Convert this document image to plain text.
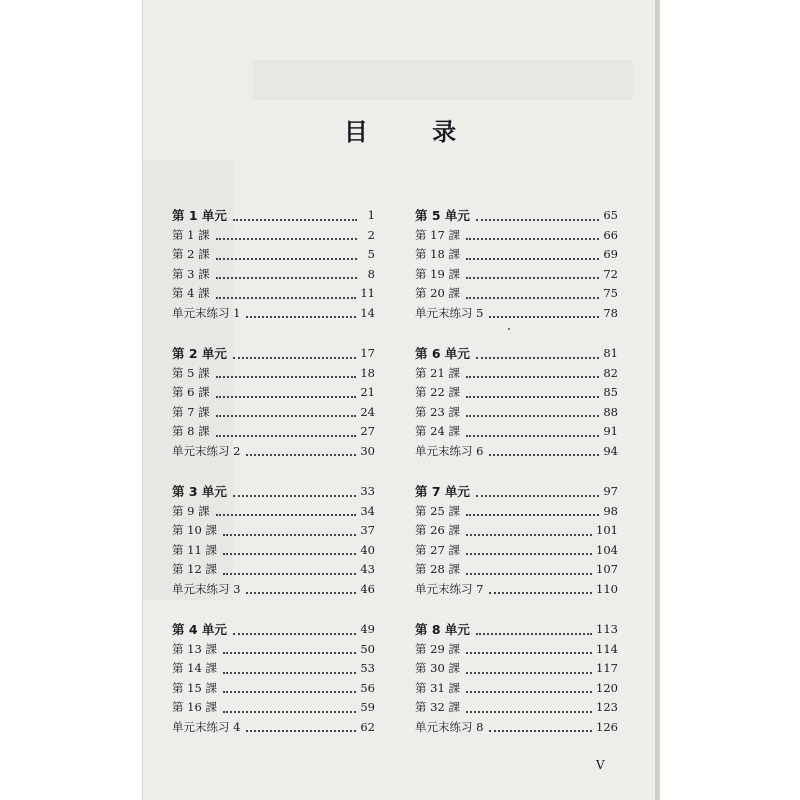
目 录
第 1 单元	1
第 1 課	2
第 2 課	5
第 3 課	8
第 4 課	11
单元末练习 1	14
第 2 单元	17
第 5 課	18
第 6 課	21
第 7 課	24
第 8 課	27
单元末练习 2	30
第 3 单元	33
第 9 課	34
第 10 課	37
第 11 課	40
第 12 課	43
单元末练习 3	46
第 4 单元	49
第 13 課	50
第 14 課	53
第 15 課	56
第 16 課	59
单元末练习 4	62
第 5 单元	65
第 17 課	66
第 18 課	69
第 19 課	72
第 20 課	75
单元末练习 5	78
第 6 单元	81
第 21 課	82
第 22 課	85
第 23 課	88
第 24 課	91
单元末练习 6	94
第 7 单元	97
第 25 課	98
第 26 課	101
第 27 課	104
第 28 課	107
单元末练习 7	110
第 8 单元	113
第 29 課	114
第 30 課	117
第 31 課	120
第 32 課	123
单元末练习 8	126
V
